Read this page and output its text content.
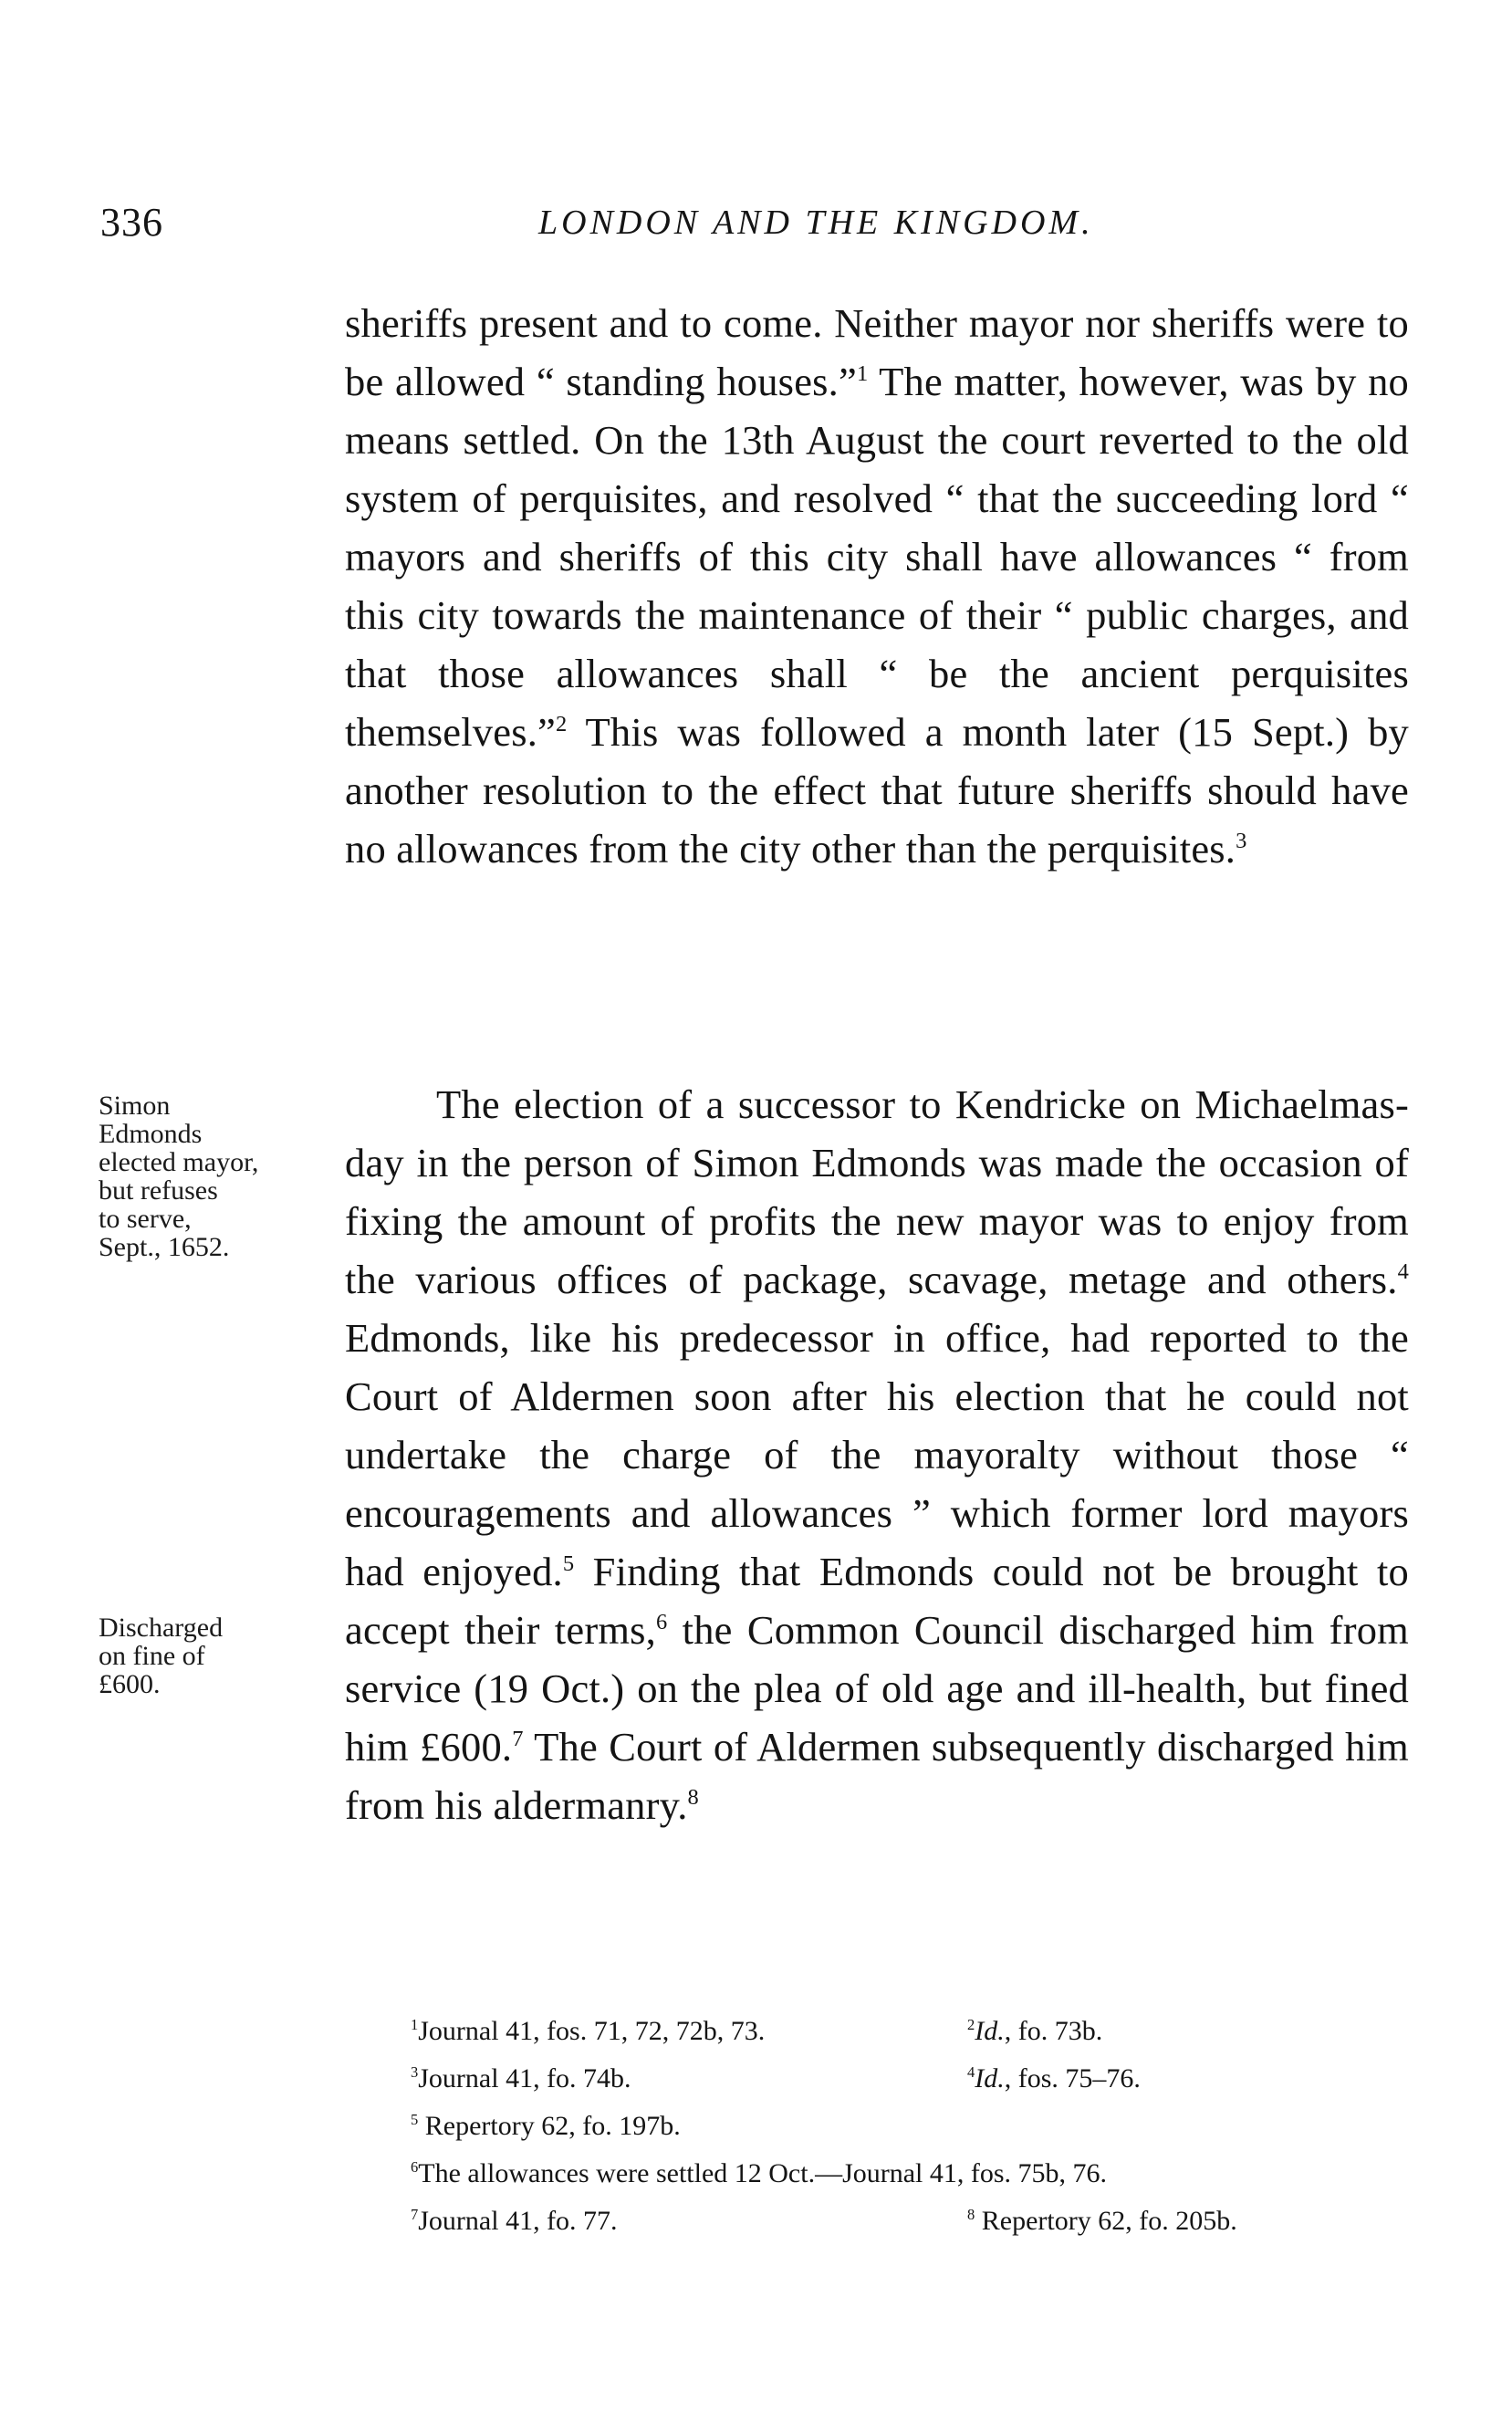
336	LONDON AND THE KINGDOM.

sheriffs present and to come. Neither mayor nor sheriffs were to be allowed “ standing houses.”$^1$ The matter, however, was by no means settled. On the 13th August the court reverted to the old system of perquisites, and resolved “ that the succeeding lord “ mayors and sheriffs of this city shall have allowances “ from this city towards the maintenance of their “ public charges, and that those allowances shall “ be the ancient perquisites themselves.”$^2$ This was followed a month later (15 Sept.) by another resolution to the effect that future sheriffs should have no allowances from the city other than the perquisites.$^3$

Simon
Edmonds
elected mayor,
but refuses
to serve,
Sept., 1652.

The election of a successor to Kendricke on Michaelmas-day in the person of Simon Edmonds was made the occasion of fixing the amount of profits the new mayor was to enjoy from the various offices of package, scavage, metage and others.$^4$ Edmonds, like his predecessor in office, had reported to the Court of Aldermen soon after his election that he could not undertake the charge of the mayoralty without those “ encouragements and allowances ” which former lord mayors had enjoyed.$^5$ Finding that Edmonds could not be brought to accept their terms,$^6$ the Common Council discharged him from service (19 Oct.) on the plea of old age and ill-health, but fined him £600.$^7$ The Court of Aldermen subsequently discharged him from his aldermanry.$^8$

Discharged
on fine of
£600.
$^1$Journal 41, fos. 71, 72, 72b, 73.	$^2$Id., fo. 73b.
$^3$Journal 41, fo. 74b.	$^4$Id., fos. 75–76.
$^5$ Repertory 62, fo. 197b.
$^6$The allowances were settled 12 Oct.—Journal 41, fos. 75b, 76.
$^7$Journal 41, fo. 77.	$^8$ Repertory 62, fo. 205b.
